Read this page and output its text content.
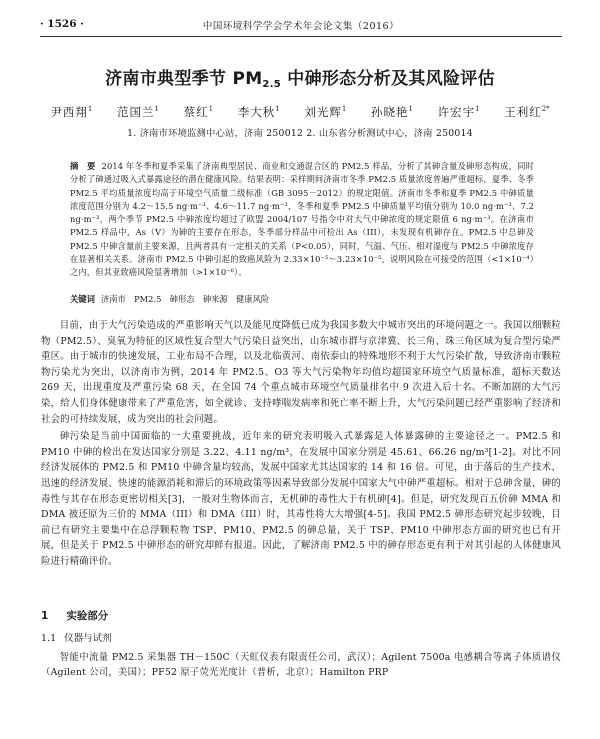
· 1526 ·	中国环境科学学会学术年会论文集（2016）
济南市典型季节 $PM_{2.5}$ 中砷形态分析及其风险评估
尹西翔$^1$ 范国兰$^1$ 蔡红$^1$ 李大秋$^1$ 刘光辉$^1$ 孙晓艳$^1$ 许宏宇$^1$ 王利红$^{2*}$
1. 济南市环境监测中心站，济南 250012 2. 山东省分析测试中心，济南 250014
摘　要 2014 年冬季和夏季采集了济南典型居民、商业和交通混合区的 PM2.5 样品，分析了其砷含量及砷形态构成，同时分析了砷通过吸入式暴露途径的潜在健康风险。结果表明：采样期间济南市冬季 PM2.5 质量浓度普遍严重超标，夏季、冬季 PM2.5 平均质量浓度均高于环境空气质量二级标准（GB 3095－2012）的规定限值。济南市冬季和夏季 PM2.5 中砷质量浓度范围分别为 4.2～15.5 ng·m⁻³、4.6～11.7 ng·m⁻³，冬季和夏季 PM2.5 中砷质量平均值分别为 10.0 ng·m⁻³、7.2 ng·m⁻³，两个季节 PM2.5 中砷浓度均超过了欧盟 2004/107 号指令中对大气中砷浓度的规定限值 6 ng·m⁻³。在济南市 PM2.5 样品中，As（V）为砷的主要存在形态，冬季部分样品中可检出 As（III），未发现有机砷存在。PM2.5 中总砷及 PM2.5 中砷含量前主要来源，且两者具有一定相关的关系（P<0.05），同时，气温、气压、相对湿度与 PM2.5 中砷浓度存在显著相关关系。济南市 PM2.5 中砷引起的致癌风险为 2.33×10⁻⁵～3.23×10⁻⁵，说明风险在可接受的范围（<1×10⁻⁴）之内，但其亚致癌风险显著增加（>1×10⁻⁶）。
关键词 济南市　PM2.5　砷形态　砷来源　健康风险

目前，由于大气污染造成的严重影响天气以及能见度降低已成为我国多数大中城市突出的环境问题之一。我国以细颗粒物（PM2.5）、臭氧为特征的区域性复合型大气污染日益突出，山东城市群与京津冀、长三角、珠三角区域为复合型污染严重区。由于城市的快速发展，工业布局不合理，以及北临黄河、南依泰山的特殊地形不利于大气污染扩散，导致济南市颗粒物污染尤为突出，以济南市为例，2014 年 PM2.5、O3 等大气污染物年均值均超国家环境空气质量标准，超标天数达 269 天，出现重度及严重污染 68 天，在全国 74 个重点城市环境空气质量排名中 9 次进入后十名。不断加剧的大气污染，给人们身体健康带来了严重危害，如全就诊、支持哮喘发病率和死亡率不断上升，大气污染问题已经严重影响了经济和社会的可持续发展，成为突出的社会问题。

砷污染是当前中国面临的一大重要挑战，近年来的研究表明吸入式暴露是人体暴露砷的主要途径之一。PM2.5 和 PM10 中砷的检出在发达国家分别是 3.22、4.11 ng/m³，在发展中国家分别是 45.61、66.26 ng/m³[1-2]。对比不同经济发展体的 PM2.5 和 PM10 中砷含量均较高，发展中国家尤其达国家的 14 和 16 倍。可见，由于落后的生产技术、迅速的经济发展、快速的能源消耗和滞后的环境政策等因素导致部分发展中国家大气中砷严重超标。相对于总砷含量，砷的毒性与其存在形态更密切相关[3]，一般对生物体而言，无机砷的毒性大于有机砷[4]。但是，研究发现百五价砷 MMA 和 DMA 被还原为三价的 MMA（III）和 DMA（III）时，其毒性将大大增强[4-5]。我国 PM2.5 砷形态研究起步较晚，目前已有研究主要集中在总浮颗粒物 TSP、PM10、PM2.5 的砷总量，关于 TSP、PM10 中砷形态方面的研究也已有开展，但是关于 PM2.5 中砷形态的研究却鲜有报道。因此，了解济南 PM2.5 中的砷存形态更有利于对其引起的人体健康风险进行精确评价。

1 实验部分
1.1 仪器与试剂

智能中流量 PM2.5 采集器 TH－150C（天虹仪表有限责任公司，武汉）；Agilent 7500a 电感耦合等离子体质谱仪（Agilent 公司，美国）；PF52 原子荧光光度计（普析，北京）；Hamilton PRP
